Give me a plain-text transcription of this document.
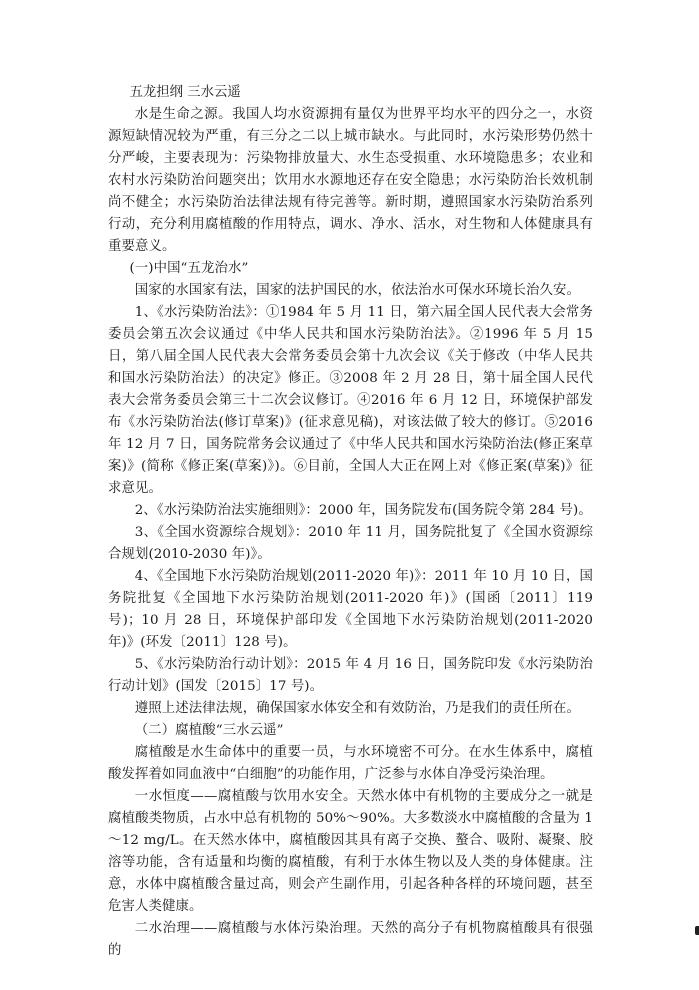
五龙担纲 三水云遥

水是生命之源。我国人均水资源拥有量仅为世界平均水平的四分之一，水资源短缺情况较为严重，有三分之二以上城市缺水。与此同时，水污染形势仍然十分严峻，主要表现为：污染物排放量大、水生态受损重、水环境隐患多；农业和农村水污染防治问题突出；饮用水水源地还存在安全隐患；水污染防治长效机制尚不健全；水污染防治法律法规有待完善等。新时期，遵照国家水污染防治系列行动，充分利用腐植酸的作用特点，调水、净水、活水，对生物和人体健康具有重要意义。

(一)中国“五龙治水”

国家的水国家有法，国家的法护国民的水，依法治水可保水环境长治久安。

1、《水污染防治法》：①1984 年 5 月 11 日，第六届全国人民代表大会常务委员会第五次会议通过《中华人民共和国水污染防治法》。②1996 年 5 月 15 日，第八届全国人民代表大会常务委员会第十九次会议《关于修改（中华人民共和国水污染防治法）的决定》修正。③2008 年 2 月 28 日，第十届全国人民代表大会常务委员会第三十二次会议修订。④2016 年 6 月 12 日，环境保护部发布《水污染防治法(修订草案)》(征求意见稿)，对该法做了较大的修订。⑤2016 年 12 月 7 日，国务院常务会议通过了《中华人民共和国水污染防治法(修正案草案)》(简称《修正案(草案)》)。⑥目前，全国人大正在网上对《修正案(草案)》征求意见。

2、《水污染防治法实施细则》：2000 年，国务院发布(国务院令第 284 号)。

3、《全国水资源综合规划》：2010 年 11 月，国务院批复了《全国水资源综合规划(2010-2030 年)》。

4、《全国地下水污染防治规划(2011-2020 年)》：2011 年 10 月 10 日，国务院批复《全国地下水污染防治规划(2011-2020 年)》(国函〔2011〕119 号)；10 月 28 日，环境保护部印发《全国地下水污染防治规划(2011-2020 年)》(环发〔2011〕128 号)。

5、《水污染防治行动计划》：2015 年 4 月 16 日，国务院印发《水污染防治行动计划》(国发〔2015〕17 号)。

遵照上述法律法规，确保国家水体安全和有效防治，乃是我们的责任所在。

（二）腐植酸“三水云遥”

腐植酸是水生命体中的重要一员，与水环境密不可分。在水生体系中，腐植酸发挥着如同血液中“白细胞”的功能作用，广泛参与水体自净受污染治理。

一水恒度——腐植酸与饮用水安全。天然水体中有机物的主要成分之一就是腐植酸类物质，占水中总有机物的 50%～90%。大多数淡水中腐植酸的含量为 1～12 mg/L。在天然水体中，腐植酸因其具有离子交换、螯合、吸附、凝聚、胶溶等功能，含有适量和均衡的腐植酸，有利于水体生物以及人类的身体健康。注意，水体中腐植酸含量过高，则会产生副作用，引起各种各样的环境问题，甚至危害人类健康。

二水治理——腐植酸与水体污染治理。天然的高分子有机物腐植酸具有很强的
